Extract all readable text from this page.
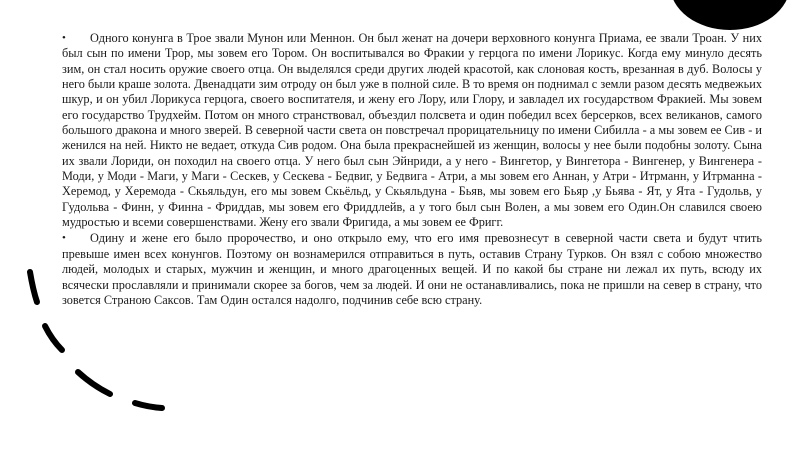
•	Одного конунга в Трое звали Мунон или Меннон. Он был женат на дочери верховного конунга Приама, ее звали Троан. У них был сын по имени Трор, мы зовем его Тором. Он воспитывался во Фракии у герцога по имени Лорикус. Когда ему минуло десять зим, он стал носить оружие своего отца. Он выделялся среди других людей красотой, как слоновая кость, врезанная в дуб. Волосы у него были краше золота. Двенадцати зим отроду он был уже в полной силе. В то время он поднимал с земли разом десять медвежьих шкур, и он убил Лорикуса герцога, своего воспитателя, и жену его Лору, или Глору, и завладел их государством Фракией. Мы зовем его государство Трудхейм. Потом он много странствовал, объездил полсвета и один победил всех берсерков, всех великанов, самого большого дракона и много зверей. В северной части света он повстречал прорицательницу по имени Сибилла - а мы зовем ее Сив - и женился на ней. Никто не ведает, откуда Сив родом. Она была прекраснейшей из женщин, волосы у нее были подобны золоту. Сына их звали Лориди, он походил на своего отца. У него был сын Эйнриди, а у него - Вингетор, у Вингетора - Вингенер, у Вингенера - Моди, у Моди - Маги, у Маги - Сескев, у Сескева - Бедвиг, у Бедвига - Атри, а мы зовем его Аннан, у Атри - Итрманн, у Итрманна - Херемод, у Херемода - Скьяльдун, его мы зовем Скьёльд, у Скьяльдуна - Бьяв, мы зовем его Бьяр ,у Бьява - Ят, у Ята - Гудольв, у Гудольва - Финн, у Финна - Фриддав, мы зовем его Фриддлейв, а у того был сын Волен, а мы зовем его Один.Он славился своею мудростью и всеми совершенствами. Жену его звали Фригида, а мы зовем ее Фригг.

•	Одину и жене его было пророчество, и оно открыло ему, что его имя превознесут в северной части света и будут чтить превыше имен всех конунгов. Поэтому он вознамерился отправиться в путь, оставив Страну Турков. Он взял с собою множество людей, молодых и старых, мужчин и женщин, и много драгоценных вещей. И по какой бы стране ни лежал их путь, всюду их всячески прославляли и принимали скорее за богов, чем за людей. И они не останавливались, пока не пришли на север в страну, что зовется Страною Саксов. Там Один остался надолго, подчинив себе всю страну.
